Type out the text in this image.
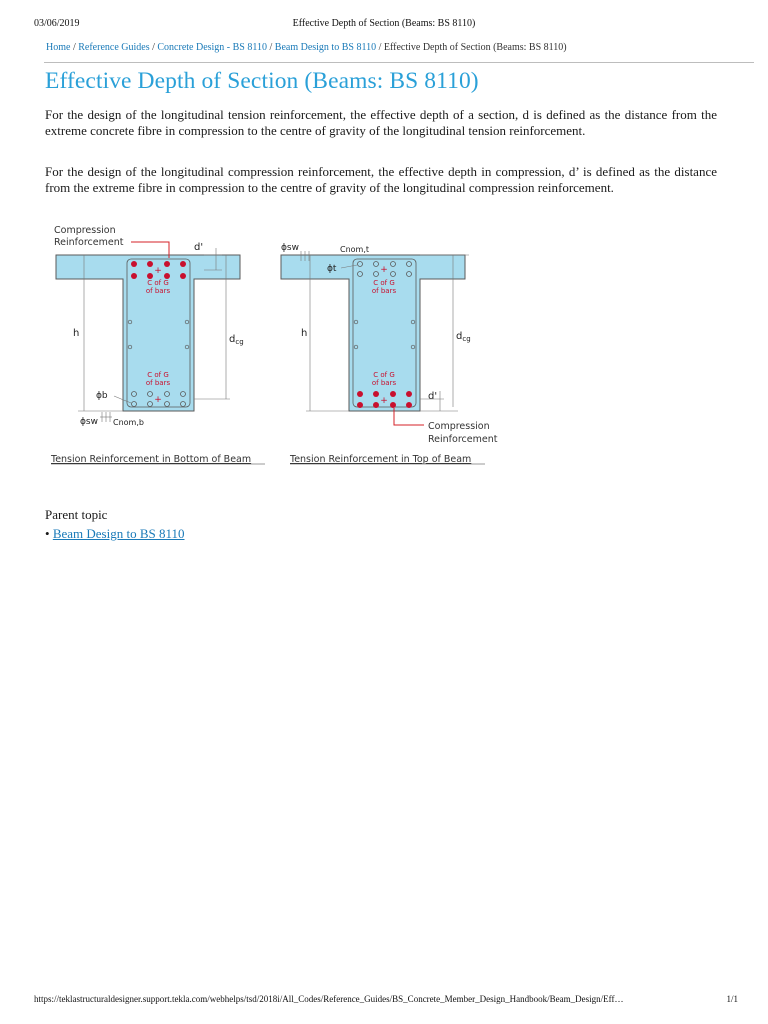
03/06/2019	Effective Depth of Section (Beams: BS 8110)
Home / Reference Guides / Concrete Design - BS 8110 / Beam Design to BS 8110 / Effective Depth of Section (Beams: BS 8110)
Effective Depth of Section (Beams: BS 8110)

For the design of the longitudinal tension reinforcement, the effective depth of a section, d is defined as the distance from the extreme concrete fibre in compression to the centre of gravity of the longitudinal tension reinforcement.

For the design of the longitudinal compression reinforcement, the effective depth in compression, d’ is defined as the distance from the extreme fibre in compression to the centre of gravity of the longitudinal compression reinforcement.

+
C of G
of bars
C of G
of bars
+
Compression
Reinforcement	d'
$d_{cg}$
h
ϕb
ϕsw Cnom,b
Tension Reinforcement in Bottom of Beam
+
C of G
of bars
C of G
of bars
+
ϕsw	Cnom,t
ϕt
$d_{cg}$
d'
h
Compression
Reinforcement
Tension Reinforcement in Top of Beam
Parent topic
• Beam Design to BS 8110
https://teklastructuraldesigner.support.tekla.com/webhelps/tsd/2018i/All_Codes/Reference_Guides/BS_Concrete_Member_Design_Handbook/Beam_Design/Eff…	1/1
